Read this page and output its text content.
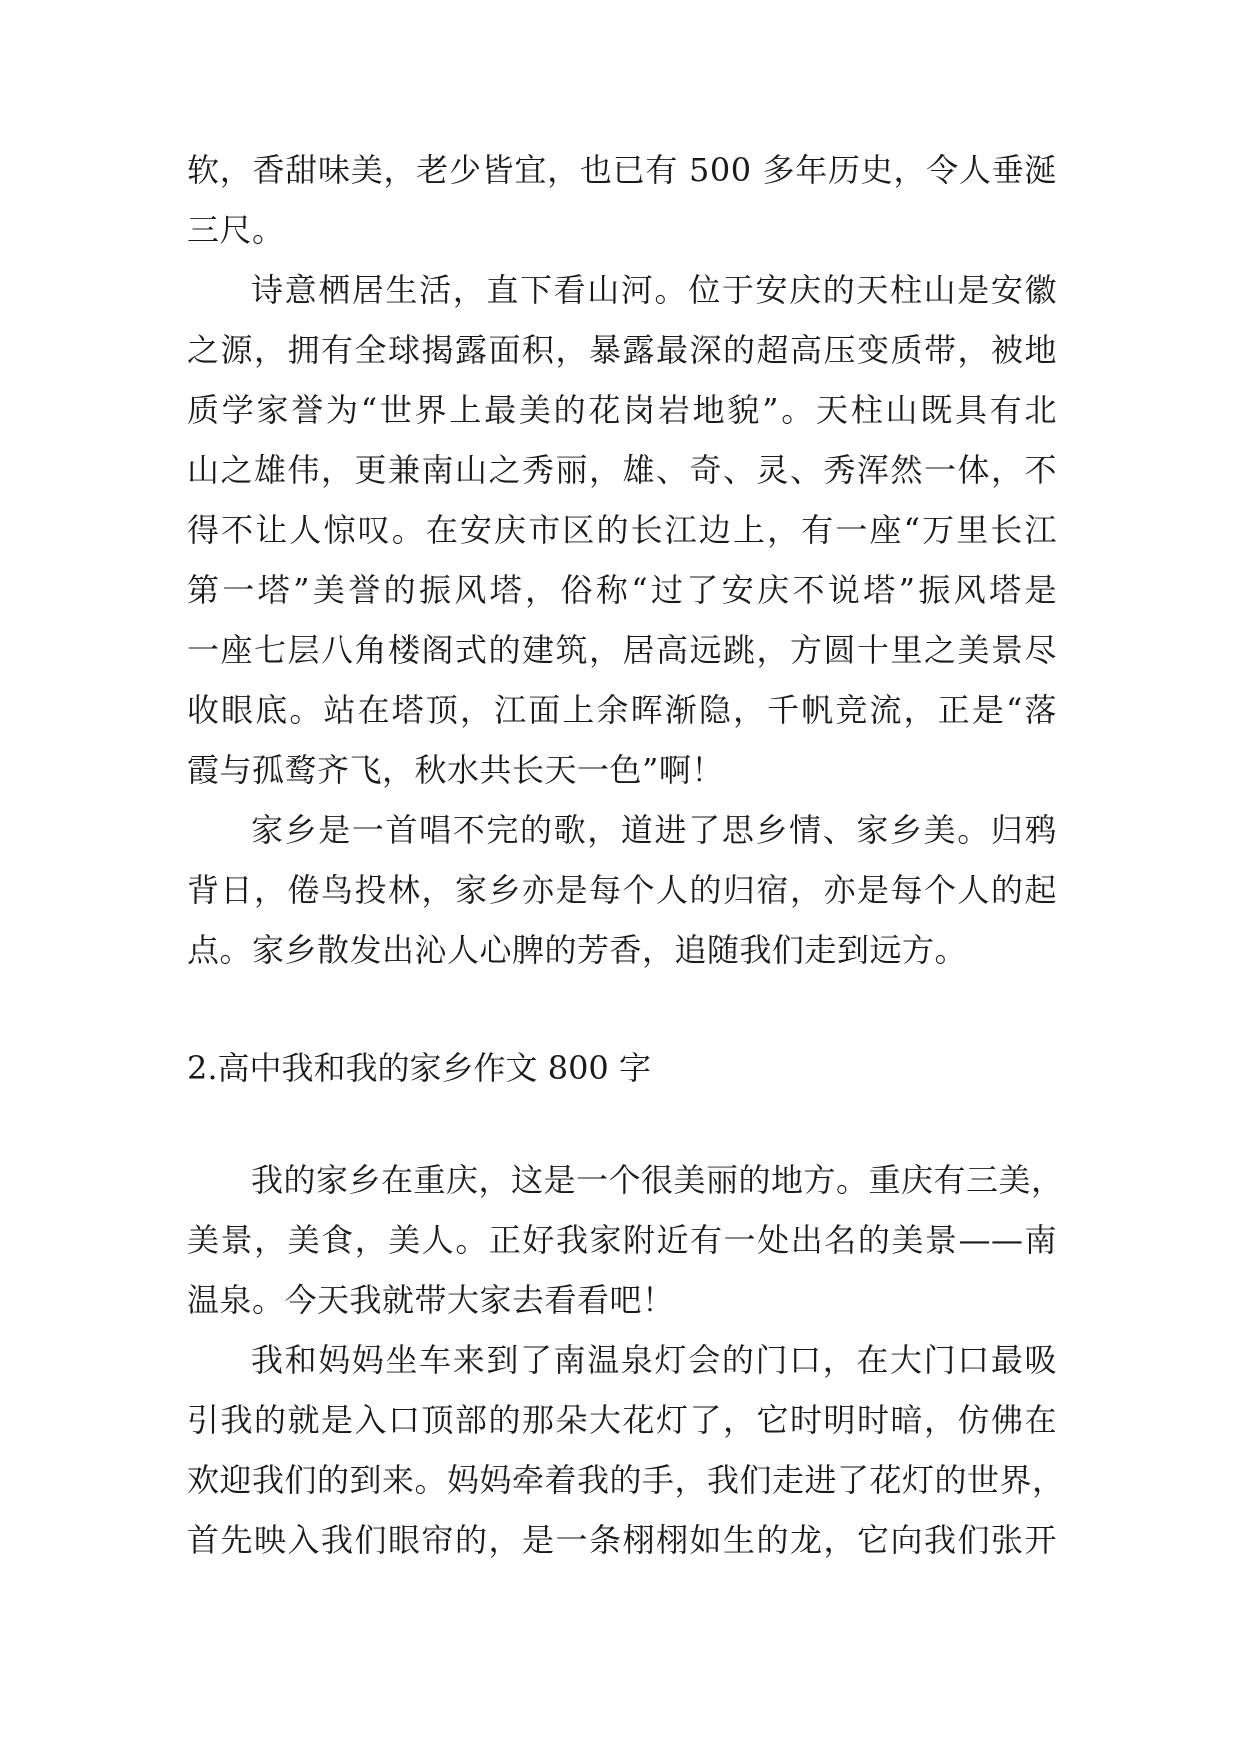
软，香甜味美，老少皆宜，也已有 500 多年历史，令人垂涎
三尺。
诗意栖居生活，直下看山河。位于安庆的天柱山是安徽
之源，拥有全球揭露面积，暴露最深的超高压变质带，被地
质学家誉为“世界上最美的花岗岩地貌”。天柱山既具有北
山之雄伟，更兼南山之秀丽，雄、奇、灵、秀浑然一体，不
得不让人惊叹。在安庆市区的长江边上，有一座“万里长江
第一塔”美誉的振风塔，俗称“过了安庆不说塔”振风塔是
一座七层八角楼阁式的建筑，居高远跳，方圆十里之美景尽
收眼底。站在塔顶，江面上余晖渐隐，千帆竞流，正是“落
霞与孤鹜齐飞，秋水共长天一色”啊！
家乡是一首唱不完的歌，道进了思乡情、家乡美。归鸦
背日，倦鸟投林，家乡亦是每个人的归宿，亦是每个人的起
点。家乡散发出沁人心脾的芳香，追随我们走到远方。
2.高中我和我的家乡作文 800 字
我的家乡在重庆，这是一个很美丽的地方。重庆有三美，
美景，美食，美人。正好我家附近有一处出名的美景——南
温泉。今天我就带大家去看看吧！
我和妈妈坐车来到了南温泉灯会的门口，在大门口最吸
引我的就是入口顶部的那朵大花灯了，它时明时暗，仿佛在
欢迎我们的到来。妈妈牵着我的手，我们走进了花灯的世界，
首先映入我们眼帘的，是一条栩栩如生的龙，它向我们张开
